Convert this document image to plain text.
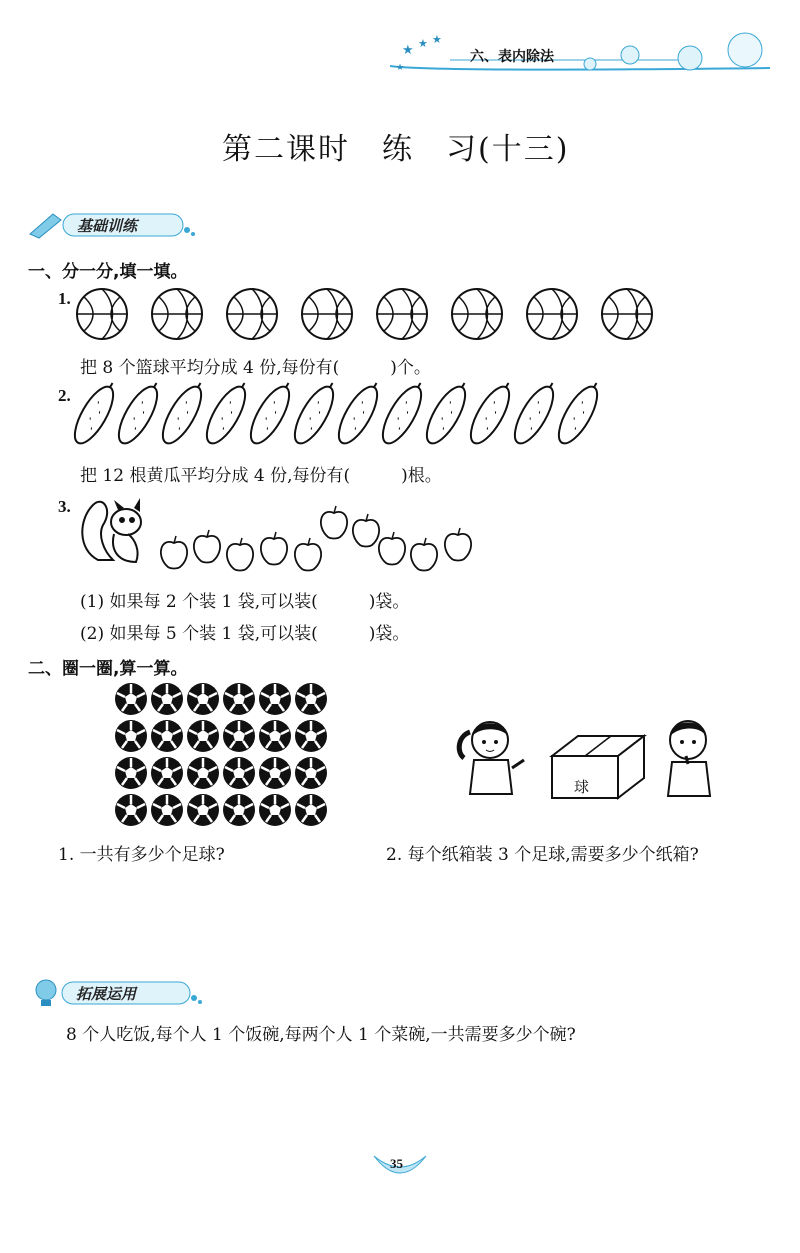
★ ★ ★
★
六、表内除法
第二课时　练　习(十三)
基础训练
一、分一分,填一填。
1.
把 8 个篮球平均分成 4 份,每份有(　　　)个。
2.
把 12 根黄瓜平均分成 4 份,每份有(　　　)根。
3.
(1) 如果每 2 个装 1 袋,可以装(　　　)袋。
(2) 如果每 5 个装 1 袋,可以装(　　　)袋。
二、圈一圈,算一算。
球
1. 一共有多少个足球?	2. 每个纸箱装 3 个足球,需要多少个纸箱?
拓展运用
8 个人吃饭,每个人 1 个饭碗,每两个人 1 个菜碗,一共需要多少个碗?
35
